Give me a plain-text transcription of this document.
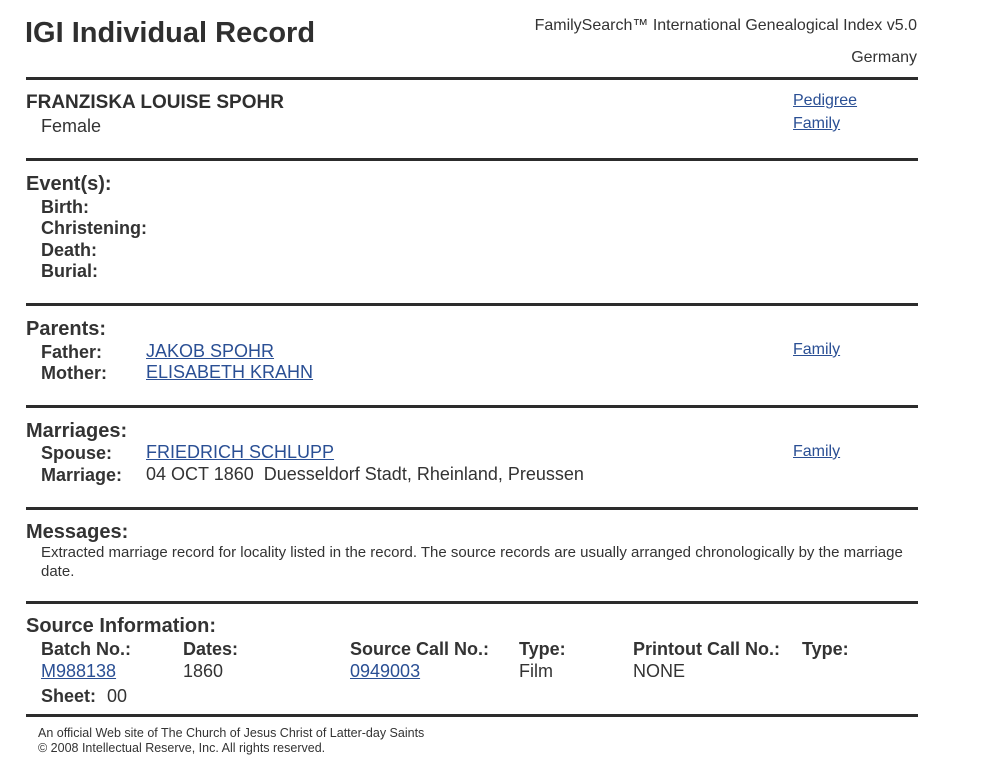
IGI Individual Record	FamilySearch™ International Genealogical Index v5.0
Germany
FRANZISKA LOUISE SPOHR
Female
Pedigree
Family
Event(s):
Birth:
Christening:
Death:
Burial:
Parents:
Father: JAKOB SPOHR
Mother: ELISABETH KRAHN
Family
Marriages:
Spouse: FRIEDRICH SCHLUPP
Marriage: 04 OCT 1860  Duesseldorf Stadt, Rheinland, Preussen
Family
Messages:
Extracted marriage record for locality listed in the record. The source records are usually arranged chronologically by the marriage date.
Source Information:
Batch No.:
M988138
Dates:
1860
Source Call No.:
0949003
Type:
Film
Printout Call No.:
NONE
Type:
Sheet: 00
An official Web site of The Church of Jesus Christ of Latter-day Saints
© 2008 Intellectual Reserve, Inc. All rights reserved.
